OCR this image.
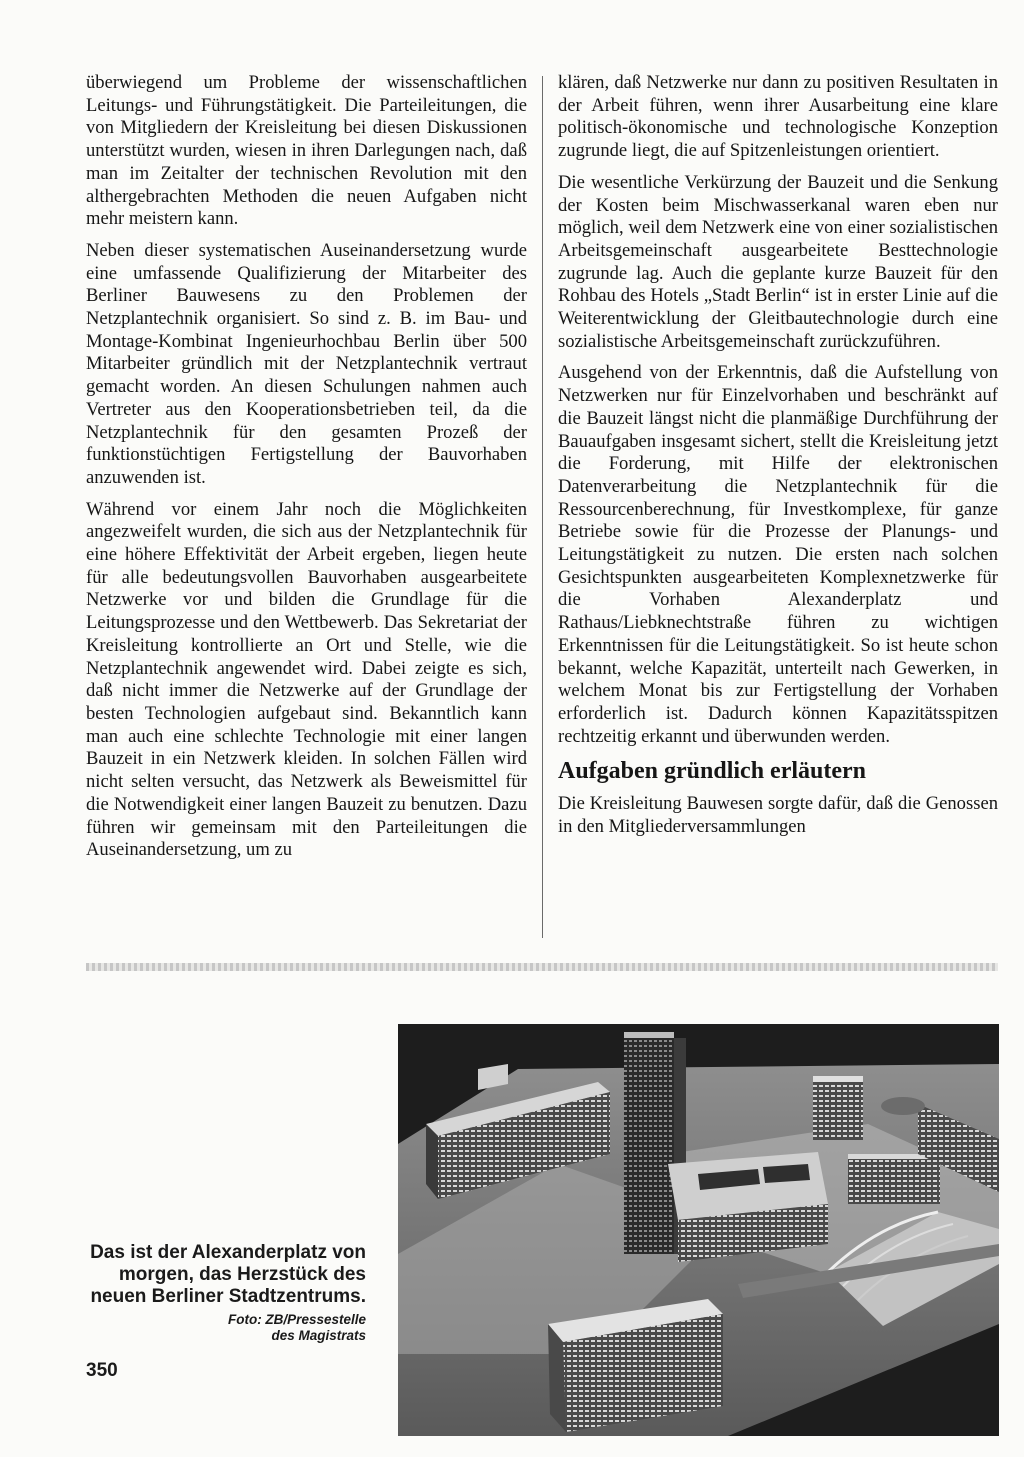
überwiegend um Probleme der wissenschaftlichen Leitungs- und Führungstätigkeit. Die Parteileitungen, die von Mitgliedern der Kreisleitung bei diesen Diskussionen unterstützt wurden, wiesen in ihren Darlegungen nach, daß man im Zeitalter der technischen Revolution mit den althergebrachten Methoden die neuen Aufgaben nicht mehr meistern kann.

Neben dieser systematischen Auseinandersetzung wurde eine umfassende Qualifizierung der Mitarbeiter des Berliner Bauwesens zu den Problemen der Netzplantechnik organisiert. So sind z. B. im Bau- und Montage-Kombinat Ingenieurhochbau Berlin über 500 Mitarbeiter gründlich mit der Netzplantechnik vertraut gemacht worden. An diesen Schulungen nahmen auch Vertreter aus den Kooperationsbetrieben teil, da die Netzplantechnik für den gesamten Prozeß der funktionstüchtigen Fertigstellung der Bauvorhaben anzuwenden ist.

Während vor einem Jahr noch die Möglichkeiten angezweifelt wurden, die sich aus der Netzplantechnik für eine höhere Effektivität der Arbeit ergeben, liegen heute für alle bedeutungsvollen Bauvorhaben ausgearbeitete Netzwerke vor und bilden die Grundlage für die Leitungsprozesse und den Wettbewerb. Das Sekretariat der Kreisleitung kontrollierte an Ort und Stelle, wie die Netzplantechnik angewendet wird. Dabei zeigte es sich, daß nicht immer die Netzwerke auf der Grundlage der besten Technologien aufgebaut sind. Bekanntlich kann man auch eine schlechte Technologie mit einer langen Bauzeit in ein Netzwerk kleiden. In solchen Fällen wird nicht selten versucht, das Netzwerk als Beweismittel für die Notwendigkeit einer langen Bauzeit zu benutzen. Dazu führen wir gemeinsam mit den Parteileitungen die Auseinandersetzung, um zu

klären, daß Netzwerke nur dann zu positiven Resultaten in der Arbeit führen, wenn ihrer Ausarbeitung eine klare politisch-ökonomische und technologische Konzeption zugrunde liegt, die auf Spitzenleistungen orientiert.

Die wesentliche Verkürzung der Bauzeit und die Senkung der Kosten beim Mischwasserkanal waren eben nur möglich, weil dem Netzwerk eine von einer sozialistischen Arbeitsgemeinschaft ausgearbeitete Besttechnologie zugrunde lag. Auch die geplante kurze Bauzeit für den Rohbau des Hotels „Stadt Berlin“ ist in erster Linie auf die Weiterentwicklung der Gleitbautechnologie durch eine sozialistische Arbeitsgemeinschaft zurückzuführen.

Ausgehend von der Erkenntnis, daß die Aufstellung von Netzwerken nur für Einzelvorhaben und beschränkt auf die Bauzeit längst nicht die planmäßige Durchführung der Bauaufgaben insgesamt sichert, stellt die Kreisleitung jetzt die Forderung, mit Hilfe der elektronischen Datenverarbeitung die Netzplantechnik für die Ressourcenberechnung, für Investkomplexe, für ganze Betriebe sowie für die Prozesse der Planungs- und Leitungstätigkeit zu nutzen. Die ersten nach solchen Gesichtspunkten ausgearbeiteten Komplexnetzwerke für die Vorhaben Alexanderplatz und Rathaus/Liebknechtstraße führen zu wichtigen Erkenntnissen für die Leitungstätigkeit. So ist heute schon bekannt, welche Kapazität, unterteilt nach Gewerken, in welchem Monat bis zur Fertigstellung der Vorhaben erforderlich ist. Dadurch können Kapazitätsspitzen rechtzeitig erkannt und überwunden werden.

Aufgaben gründlich erläutern

Die Kreisleitung Bauwesen sorgte dafür, daß die Genossen in den Mitgliederversammlungen

Das ist der Alexanderplatz von morgen, das Herzstück des neuen Berliner Stadtzentrums.
Foto: ZB/Pressestelle
des Magistrats
350
